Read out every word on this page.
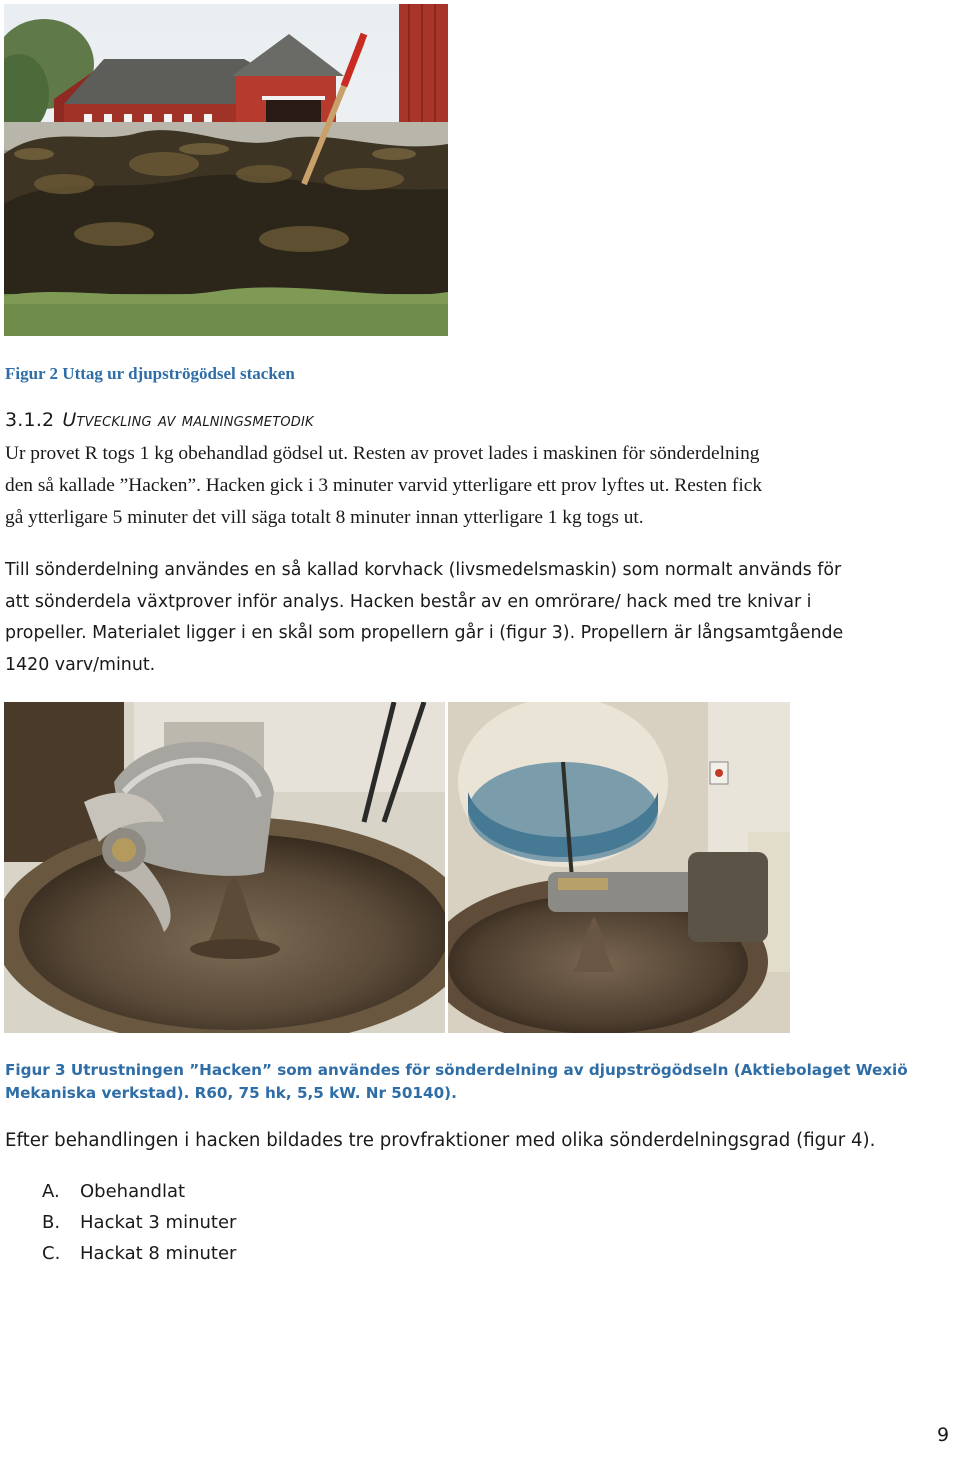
Figur 2 Uttag ur djupströgödsel stacken
3.1.2 Utveckling av malningsmetodik
Ur provet R togs 1 kg obehandlad gödsel ut. Resten av provet lades i maskinen för sönderdelning
den så kallade ”Hacken”. Hacken gick i 3 minuter varvid ytterligare ett prov lyftes ut. Resten fick
gå ytterligare 5 minuter det vill säga totalt 8 minuter innan ytterligare 1 kg togs ut.
Till sönderdelning användes en så kallad korvhack (livsmedelsmaskin) som normalt används för
att sönderdela växtprover inför analys. Hacken består av en omrörare/ hack med tre knivar i
propeller. Materialet ligger i en skål som propellern går i (figur 3). Propellern är långsamtgående
1420 varv/minut.
Figur 3 Utrustningen ”Hacken” som användes för sönderdelning av djupströgödseln (Aktiebolaget Wexiö
Mekaniska verkstad). R60, 75 hk, 5,5 kW. Nr 50140).
Efter behandlingen i hacken bildades tre provfraktioner med olika sönderdelningsgrad (figur 4).
A.	Obehandlat
B.	Hackat 3 minuter
C.	Hackat 8 minuter
9
